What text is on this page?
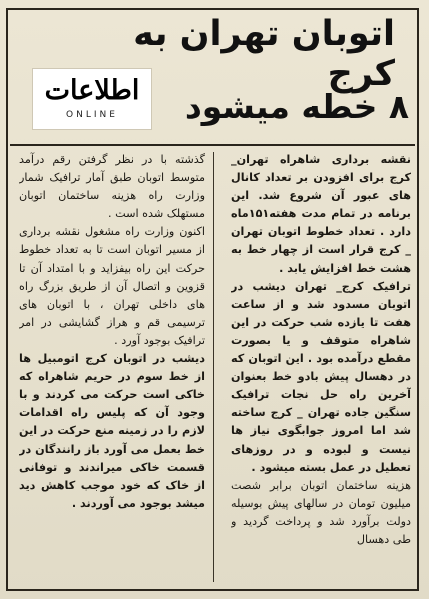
اتوبان تهران به کرج
۸ خطه میشود
اطلاعات
ONLINE

نقشه برداری شاهراه تهران_ کرج برای افزودن بر تعداد کانال های عبور آن شروع شد. این برنامه در تمام مدت هفته۱۵۱ماه دارد . تعداد خطوط اتوبان تهران _ کرج قرار است از چهار خط به هشت خط افزایش یابد .

ترافیک کرج_ تهران دیشب در اتوبان مسدود شد و از ساعت هفت تا یازده شب حرکت در این شاهراه متوقف و یا بصورت مقطع درآمده بود . این اتوبان که در دهسال پیش بادو خط بعنوان آخرین راه حل نجات ترافیک سنگین جاده تهران _ کرج ساخته شد اما امروز جوابگوی نیاز ها نیست و لبوده و در روزهای تعطیل در عمل بسته میشود .

هزینه ساختمان اتوبان برابر شصت میلیون تومان در سالهای پیش بوسیله دولت برآورد شد و پرداخت گردید و طی دهسال

گذشته با در نظر گرفتن رقم درآمد متوسط اتوبان طبق آمار ترافیک شمار وزارت راه هزینه ساختمان اتوبان مستهلک شده است .

اکنون وزارت راه مشغول نقشه برداری از مسیر اتوبان است تا به تعداد خطوط حرکت این راه بیفزاید و با امتداد آن تا قزوین و اتصال آن از طریق بزرگ راه های داخلی تهران ، با اتوبان های ترسیمی قم و هراز گشایشی در امر ترافیک بوجود آورد .

دیشب در اتوبان کرج اتومبیل ها از خط سوم در حریم شاهراه که خاکی است حرکت می کردند و با وجود آن که پلیس راه اقدامات لازم را در زمینه منع حرکت در این خط بعمل می آورد باز رانندگان در قسمت خاکی میراندند و توفانی از خاک که خود موجب کاهش دید میشد بوجود می آوردند .
